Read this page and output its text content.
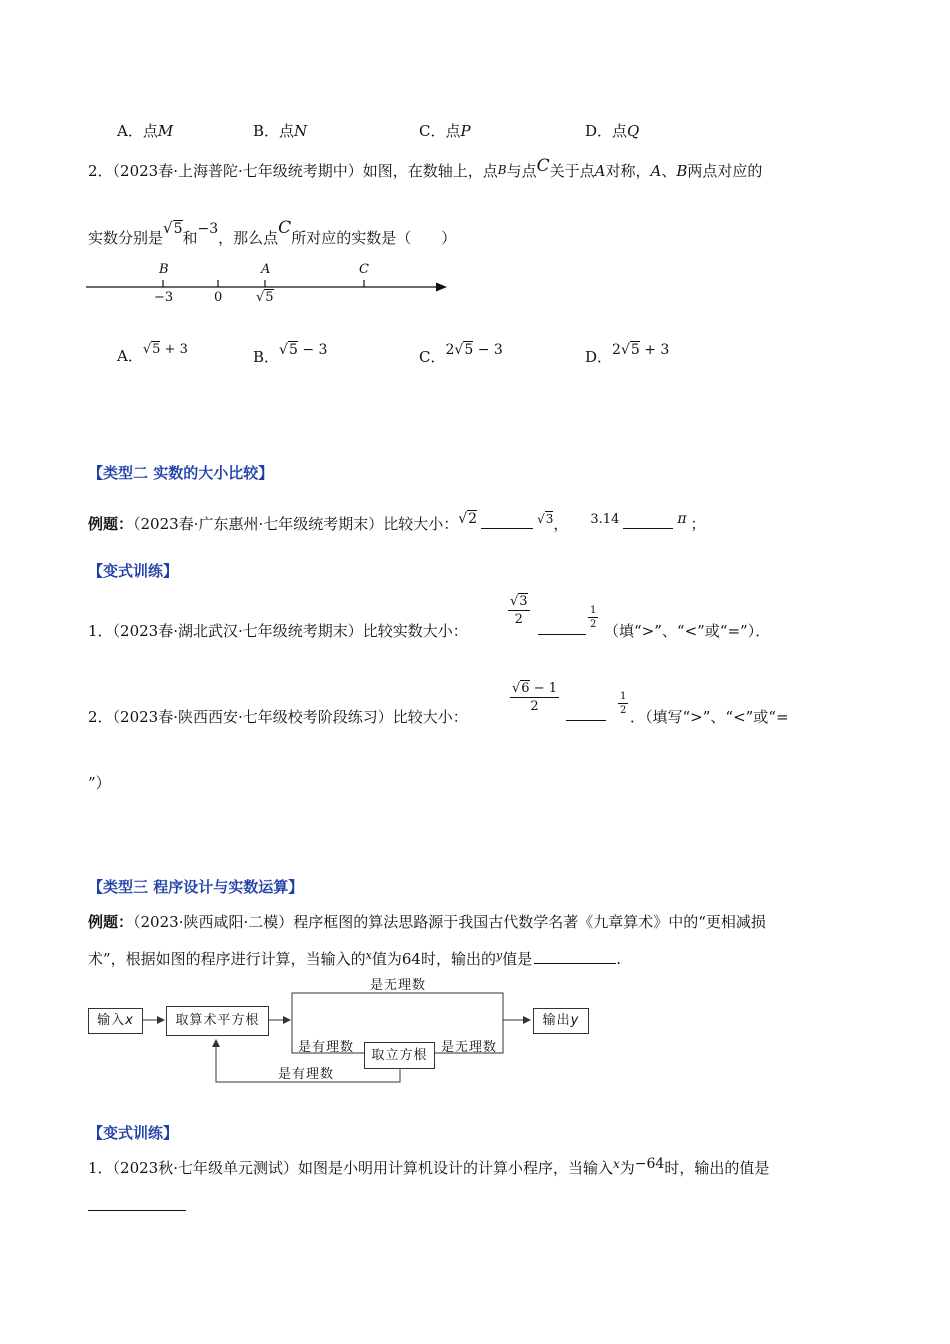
A．点M	B．点N	C．点P	D．点Q
2．（2023春·上海普陀·七年级统考期中）如图，在数轴上，点B与点C关于点A对称，A、B两点对应的
实数分别是√5和−3，那么点C所对应的实数是（　　）
B	A	C
−3	0	√5
A．√5 + 3	B．√5 − 3	C．2√5 − 3	D．2√5 + 3
【类型二 实数的大小比较】
例题：（2023春·广东惠州·七年级统考期末）比较大小：√2	$^{√3}$， 3.14	π ；
【变式训练】
1．（2023春·湖北武汉·七年级统考期末）比较实数大小：
$\frac{√3}{2}$	$\frac{1}{2}$ （填“>”、“<”或“=”）．
2．（2023春·陕西西安·七年级校考阶段练习）比较大小：
$\frac{√6 - 1}{2}$	$\frac{1}{2}$ ．（填写“>”、“<”或“=
”）
【类型三 程序设计与实数运算】
例题：（2023·陕西咸阳·二模）程序框图的算法思路源于我国古代数学名著《九章算术》中的“更相减损
术”，根据如图的程序进行计算，当输入的$^x$值为64时，输出的$^y$值是	.
输入x	取算术平方根
是无理数
是有理数
取立方根
是无理数
是有理数
输出y
【变式训练】
1．（2023秋·七年级单元测试）如图是小明用计算机设计的计算小程序，当输入$^x$为−64时，输出的值是
